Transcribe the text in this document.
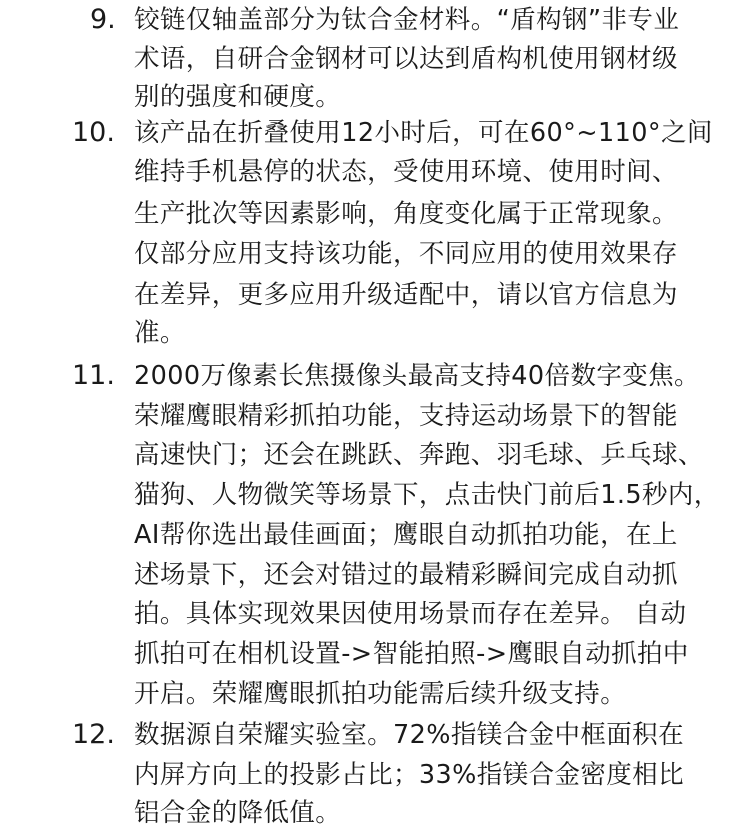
9. 铰链仅轴盖部分为钛合金材料。“盾构钢”非专业
术语，自研合金钢材可以达到盾构机使用钢材级
别的强度和硬度。
10. 该产品在折叠使用12小时后，可在60°~110°之间
维持手机悬停的状态，受使用环境、使用时间、
生产批次等因素影响，角度变化属于正常现象。
仅部分应用支持该功能，不同应用的使用效果存
在差异，更多应用升级适配中，请以官方信息为
准。
11. 2000万像素长焦摄像头最高支持40倍数字变焦。
荣耀鹰眼精彩抓拍功能，支持运动场景下的智能
高速快门；还会在跳跃、奔跑、羽毛球、乒乓球、
猫狗、人物微笑等场景下，点击快门前后1.5秒内，
AI帮你选出最佳画面；鹰眼自动抓拍功能，在上
述场景下，还会对错过的最精彩瞬间完成自动抓
拍。具体实现效果因使用场景而存在差异。 自动
抓拍可在相机设置->智能拍照->鹰眼自动抓拍中
开启。荣耀鹰眼抓拍功能需后续升级支持。
12. 数据源自荣耀实验室。72%指镁合金中框面积在
内屏方向上的投影占比；33%指镁合金密度相比
铝合金的降低值。
